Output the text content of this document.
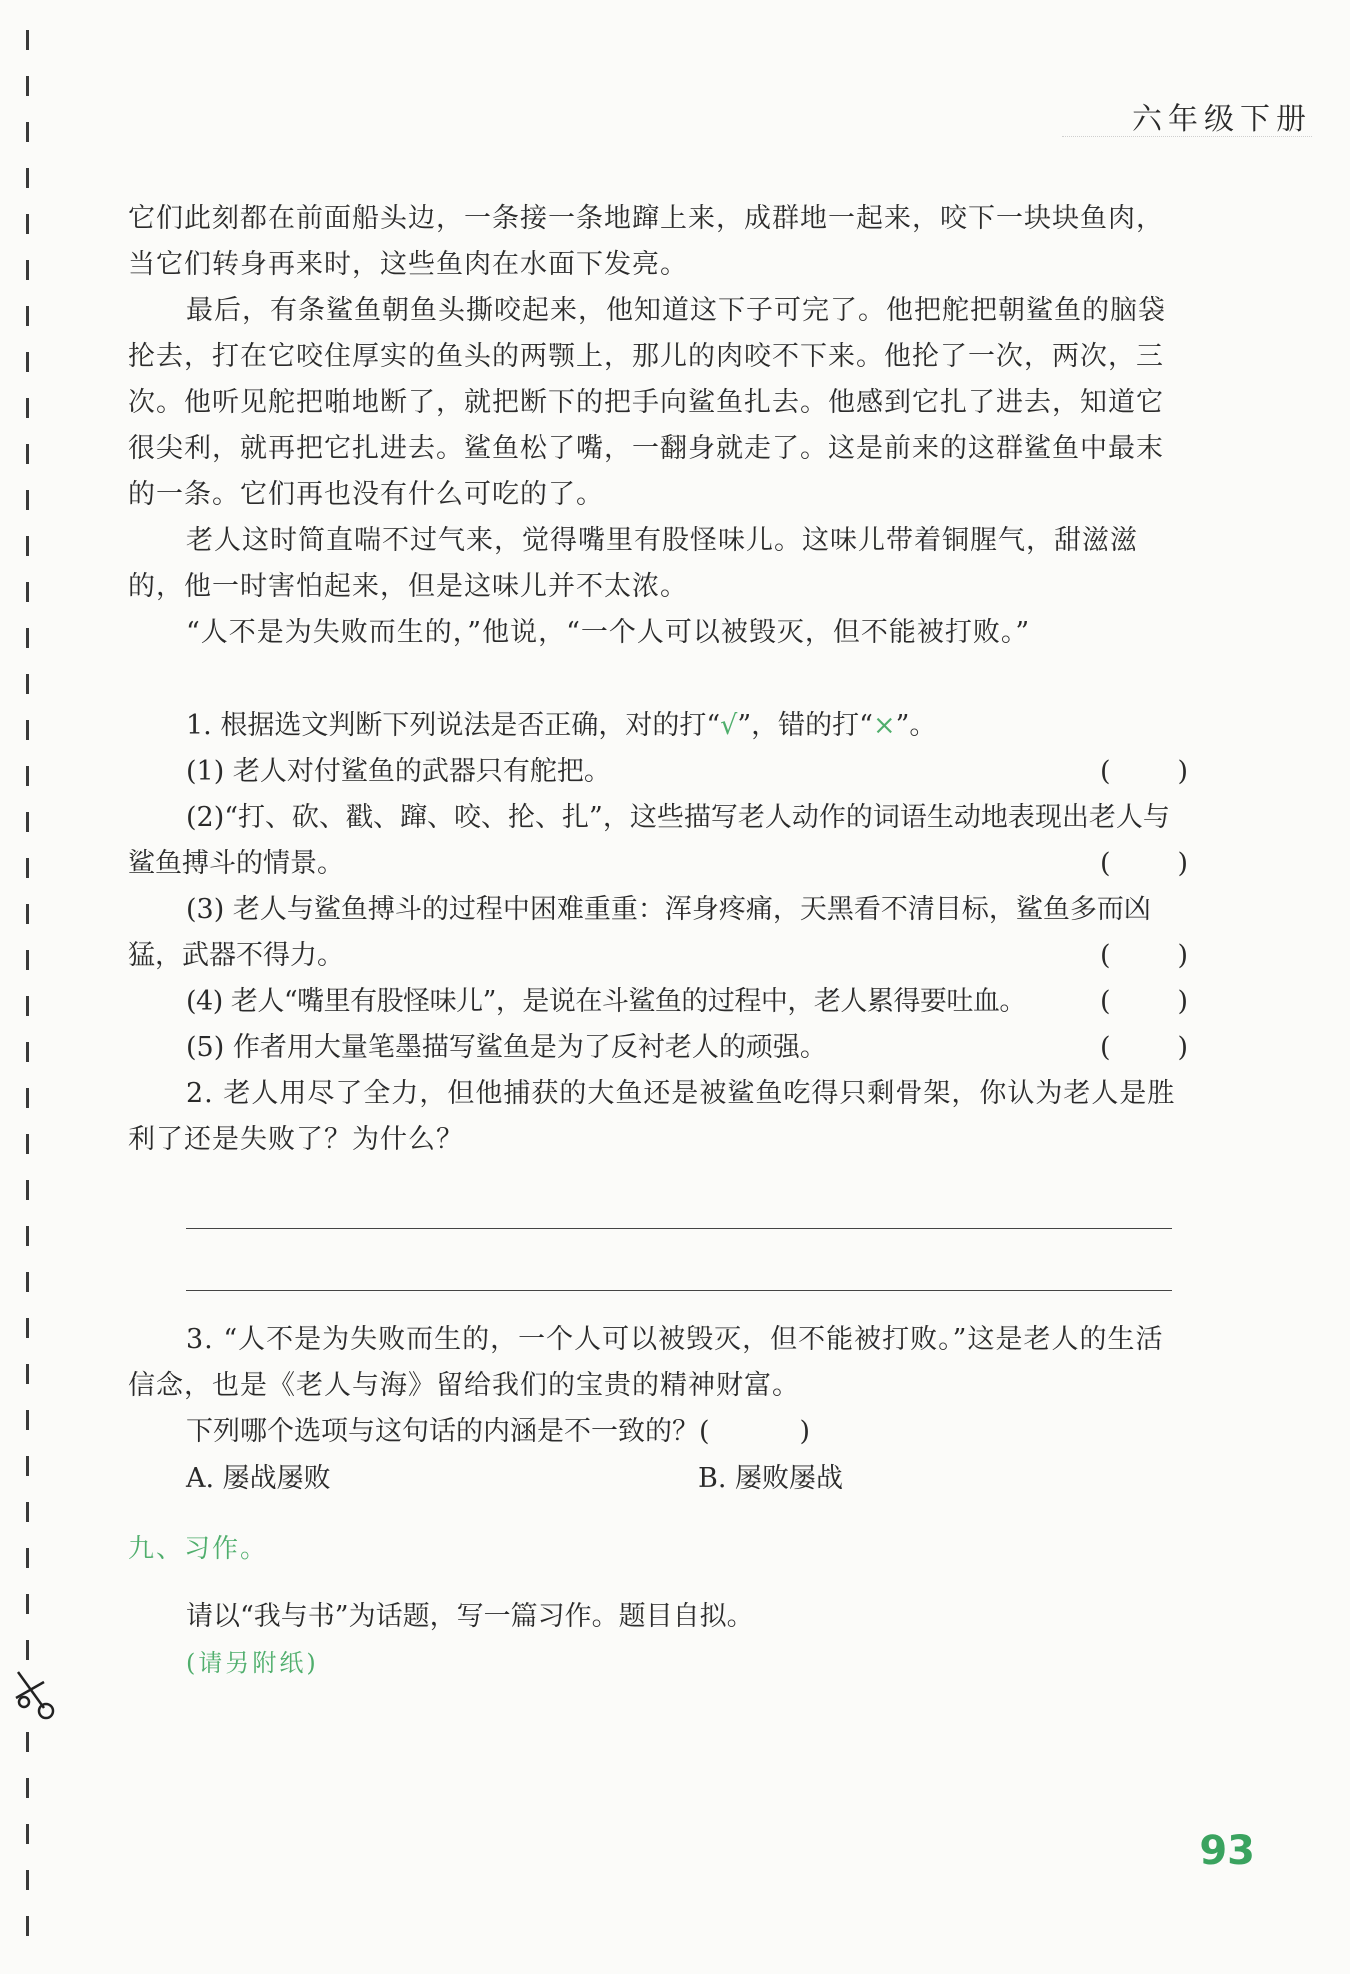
六年级下册

它们此刻都在前面船头边，一条接一条地蹿上来，成群地一起来，咬下一块块鱼肉，当它们转身再来时，这些鱼肉在水面下发亮。

最后，有条鲨鱼朝鱼头撕咬起来，他知道这下子可完了。他把舵把朝鲨鱼的脑袋抡去，打在它咬住厚实的鱼头的两颚上，那儿的肉咬不下来。他抡了一次，两次，三次。他听见舵把啪地断了，就把断下的把手向鲨鱼扎去。他感到它扎了进去，知道它很尖利，就再把它扎进去。鲨鱼松了嘴，一翻身就走了。这是前来的这群鲨鱼中最末的一条。它们再也没有什么可吃的了。

老人这时简直喘不过气来，觉得嘴里有股怪味儿。这味儿带着铜腥气，甜滋滋的，他一时害怕起来，但是这味儿并不太浓。

“人不是为失败而生的，”他说，“一个人可以被毁灭，但不能被打败。”

1. 根据选文判断下列说法是否正确，对的打“√”，错的打“×”。

(1) 老人对付鲨鱼的武器只有舵把。	( )
(2)“打、砍、戳、蹿、咬、抡、扎”，这些描写老人动作的词语生动地表现出老人与鲨鱼搏斗的情景。	( )
(3) 老人与鲨鱼搏斗的过程中困难重重：浑身疼痛，天黑看不清目标，鲨鱼多而凶猛，武器不得力。	( )
(4) 老人“嘴里有股怪味儿”，是说在斗鲨鱼的过程中，老人累得要吐血。	( )
(5) 作者用大量笔墨描写鲨鱼是为了反衬老人的顽强。	( )

2. 老人用尽了全力，但他捕获的大鱼还是被鲨鱼吃得只剩骨架，你认为老人是胜利了还是失败了？为什么？

3. “人不是为失败而生的，一个人可以被毁灭，但不能被打败。”这是老人的生活信念，也是《老人与海》留给我们的宝贵的精神财富。

下列哪个选项与这句话的内涵是不一致的？(	)

A. 屡战屡败	B. 屡败屡战
九、习作。

请以“我与书”为话题，写一篇习作。题目自拟。

(请另附纸)

93
